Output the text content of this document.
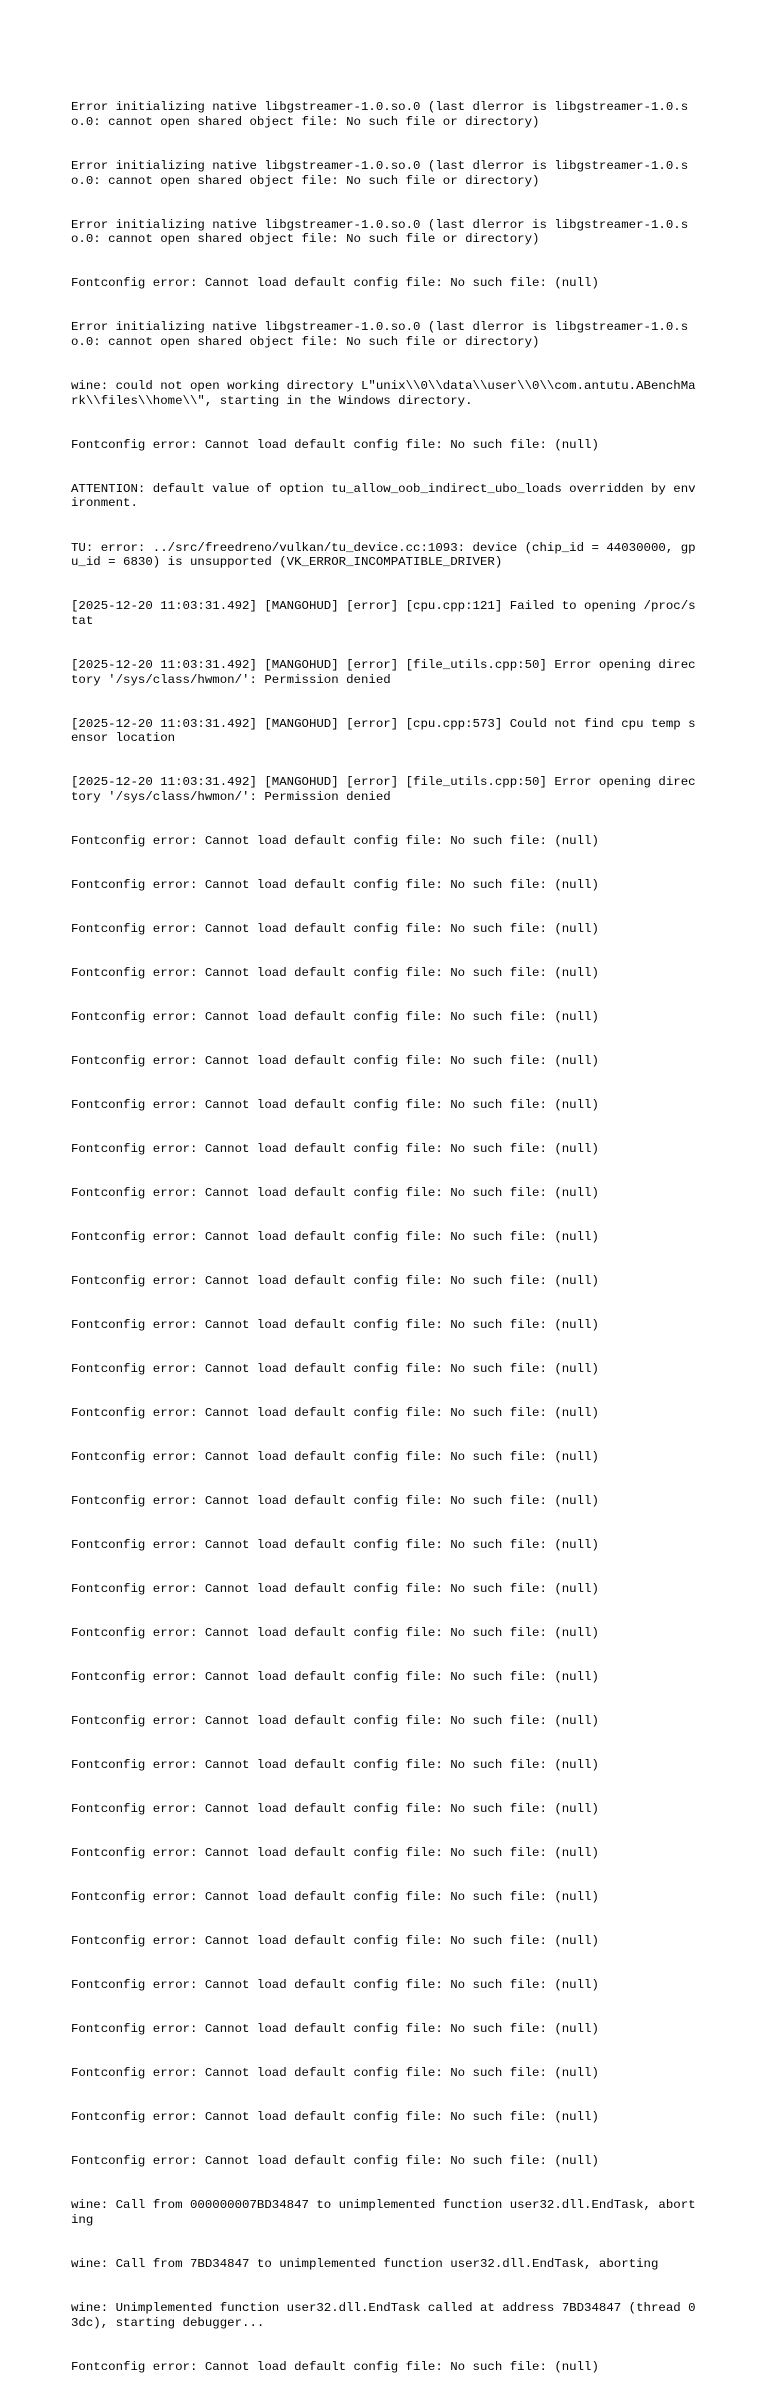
Error initializing native libgstreamer-1.0.so.0 (last dlerror is libgstreamer-1.0.so.0: cannot open shared object file: No such file or directory)

Error initializing native libgstreamer-1.0.so.0 (last dlerror is libgstreamer-1.0.so.0: cannot open shared object file: No such file or directory)

Error initializing native libgstreamer-1.0.so.0 (last dlerror is libgstreamer-1.0.so.0: cannot open shared object file: No such file or directory)

Fontconfig error: Cannot load default config file: No such file: (null)

Error initializing native libgstreamer-1.0.so.0 (last dlerror is libgstreamer-1.0.so.0: cannot open shared object file: No such file or directory)

wine: could not open working directory L"unix\\0\\data\\user\\0\\com.antutu.ABenchMark\\files\\home\\", starting in the Windows directory.

Fontconfig error: Cannot load default config file: No such file: (null)

ATTENTION: default value of option tu_allow_oob_indirect_ubo_loads overridden by environment.

TU: error: ../src/freedreno/vulkan/tu_device.cc:1093: device (chip_id = 44030000, gpu_id = 6830) is unsupported (VK_ERROR_INCOMPATIBLE_DRIVER)

[2025-12-20 11:03:31.492] [MANGOHUD] [error] [cpu.cpp:121] Failed to opening /proc/stat

[2025-12-20 11:03:31.492] [MANGOHUD] [error] [file_utils.cpp:50] Error opening directory '/sys/class/hwmon/': Permission denied

[2025-12-20 11:03:31.492] [MANGOHUD] [error] [cpu.cpp:573] Could not find cpu temp sensor location

[2025-12-20 11:03:31.492] [MANGOHUD] [error] [file_utils.cpp:50] Error opening directory '/sys/class/hwmon/': Permission denied

Fontconfig error: Cannot load default config file: No such file: (null)

Fontconfig error: Cannot load default config file: No such file: (null)

Fontconfig error: Cannot load default config file: No such file: (null)

Fontconfig error: Cannot load default config file: No such file: (null)

Fontconfig error: Cannot load default config file: No such file: (null)

Fontconfig error: Cannot load default config file: No such file: (null)

Fontconfig error: Cannot load default config file: No such file: (null)

Fontconfig error: Cannot load default config file: No such file: (null)

Fontconfig error: Cannot load default config file: No such file: (null)

Fontconfig error: Cannot load default config file: No such file: (null)

Fontconfig error: Cannot load default config file: No such file: (null)

Fontconfig error: Cannot load default config file: No such file: (null)

Fontconfig error: Cannot load default config file: No such file: (null)

Fontconfig error: Cannot load default config file: No such file: (null)

Fontconfig error: Cannot load default config file: No such file: (null)

Fontconfig error: Cannot load default config file: No such file: (null)

Fontconfig error: Cannot load default config file: No such file: (null)

Fontconfig error: Cannot load default config file: No such file: (null)

Fontconfig error: Cannot load default config file: No such file: (null)

Fontconfig error: Cannot load default config file: No such file: (null)

Fontconfig error: Cannot load default config file: No such file: (null)

Fontconfig error: Cannot load default config file: No such file: (null)

Fontconfig error: Cannot load default config file: No such file: (null)

Fontconfig error: Cannot load default config file: No such file: (null)

Fontconfig error: Cannot load default config file: No such file: (null)

Fontconfig error: Cannot load default config file: No such file: (null)

Fontconfig error: Cannot load default config file: No such file: (null)

Fontconfig error: Cannot load default config file: No such file: (null)

Fontconfig error: Cannot load default config file: No such file: (null)

Fontconfig error: Cannot load default config file: No such file: (null)

Fontconfig error: Cannot load default config file: No such file: (null)

wine: Call from 000000007BD34847 to unimplemented function user32.dll.EndTask, aborting

wine: Call from 7BD34847 to unimplemented function user32.dll.EndTask, aborting

wine: Unimplemented function user32.dll.EndTask called at address 7BD34847 (thread 03dc), starting debugger...

Fontconfig error: Cannot load default config file: No such file: (null)
